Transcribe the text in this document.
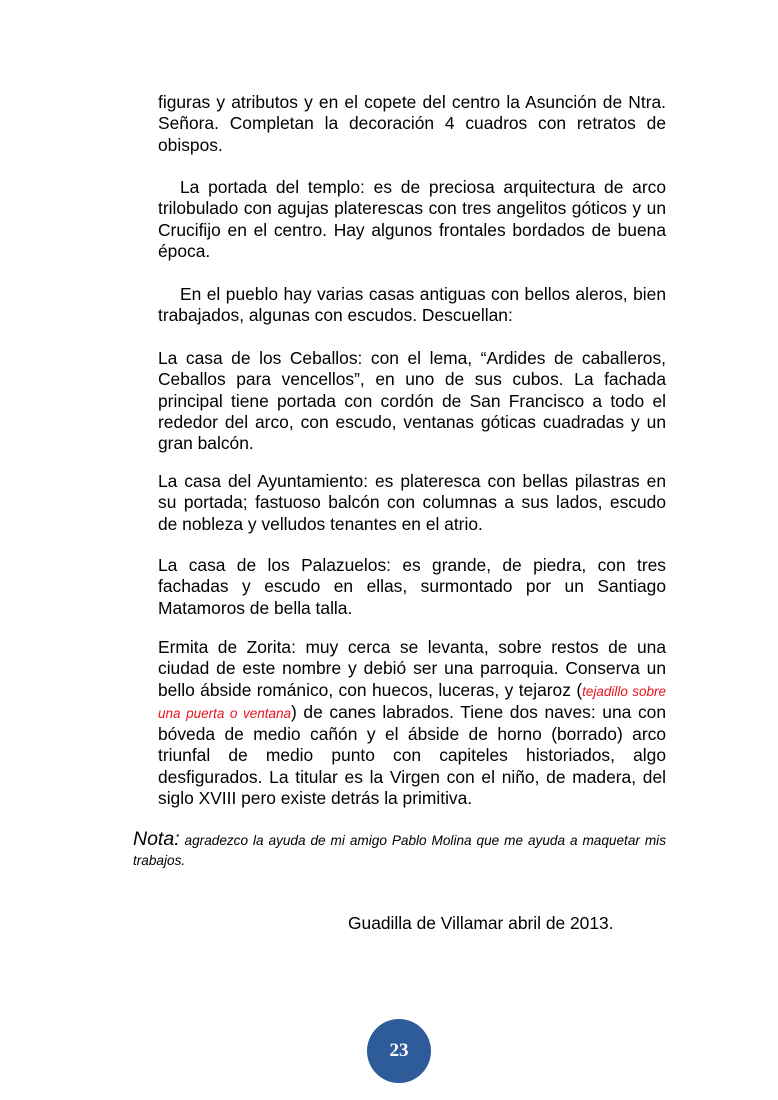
figuras y atributos y en el copete del centro la Asunción de Ntra. Señora. Completan la decoración 4 cuadros con retratos de obispos.

La portada del templo: es de preciosa arquitectura de arco trilobulado con agujas platerescas con tres angelitos góticos y un Crucifijo en el centro. Hay algunos frontales bordados de buena época.

En el pueblo hay varias casas antiguas con bellos aleros, bien trabajados, algunas con escudos. Descuellan:

La casa de los Ceballos: con el lema, “Ardides de caballeros, Ceballos para vencellos”, en uno de sus cubos. La fachada principal tiene portada con cordón de San Francisco a todo el rededor del arco, con escudo, ventanas góticas cuadradas y un gran balcón.

La casa del Ayuntamiento: es plateresca con bellas pilastras en su portada; fastuoso balcón con columnas a sus lados, escudo de nobleza y velludos tenantes en el atrio.

La casa de los Palazuelos: es grande, de piedra, con tres fachadas y escudo en ellas, surmontado por un Santiago Matamoros de bella talla.

Ermita de Zorita: muy cerca se levanta, sobre restos de una ciudad de este nombre y debió ser una parroquia. Conserva un bello ábside románico, con huecos, luceras, y tejaroz (tejadillo sobre una puerta o ventana) de canes labrados. Tiene dos naves: una con bóveda de medio cañón y el ábside de horno (borrado) arco triunfal de medio punto con capiteles historiados, algo desfigurados. La titular es la Virgen con el niño, de madera, del siglo XVIII pero existe detrás la primitiva.

Nota: agradezco la ayuda de mi amigo Pablo Molina que me ayuda a maquetar mis trabajos.

Guadilla de Villamar abril de 2013.

23
